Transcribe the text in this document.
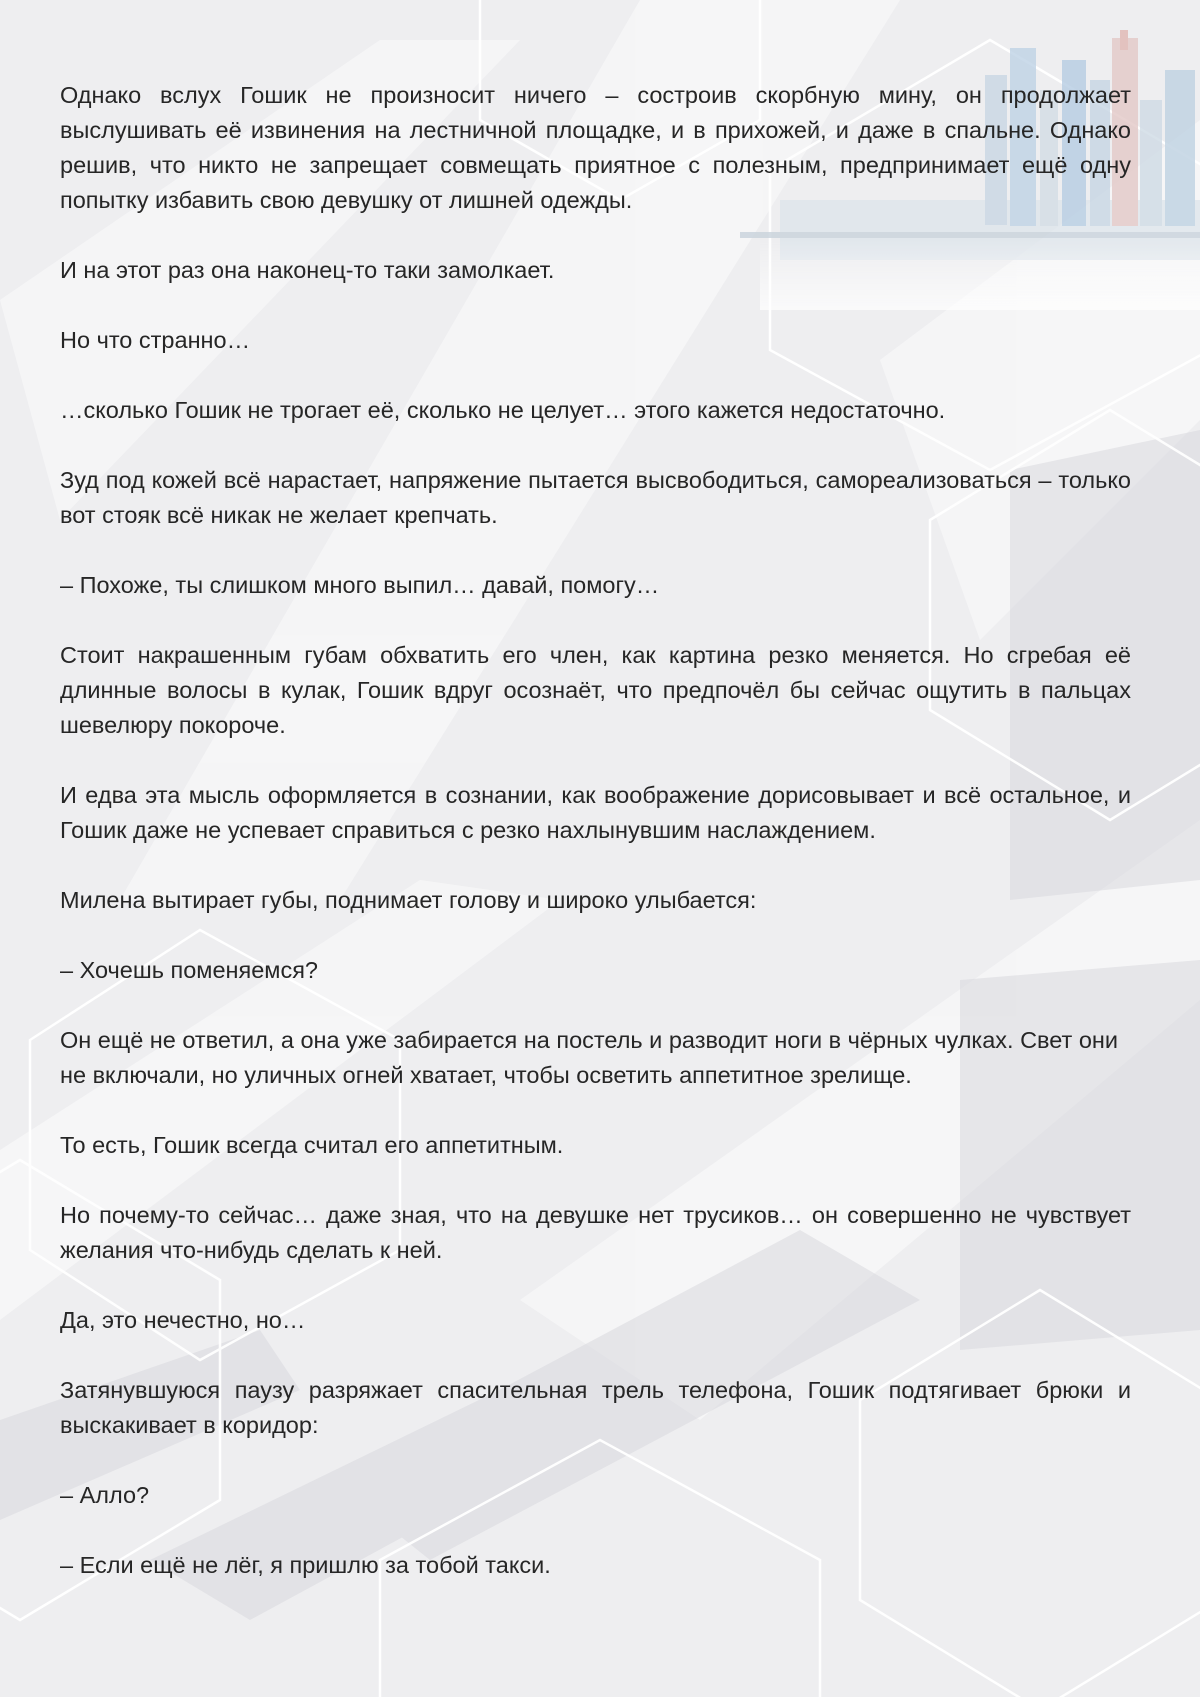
Однако вслух Гошик не произносит ничего – состроив скорбную мину, он продолжает выслушивать её извинения на лестничной площадке, и в прихожей, и даже в спальне. Однако решив, что никто не запрещает совмещать приятное с полезным, предпринимает ещё одну попытку избавить свою девушку от лишней одежды.

И на этот раз она наконец-то таки замолкает.

Но что странно…

…сколько Гошик не трогает её, сколько не целует… этого кажется недостаточно.

Зуд под кожей всё нарастает, напряжение пытается высвободиться, самореализоваться – только вот стояк всё никак не желает крепчать.

– Похоже, ты слишком много выпил… давай, помогу…

Стоит накрашенным губам обхватить его член, как картина резко меняется. Но сгребая её длинные волосы в кулак, Гошик вдруг осознаёт, что предпочёл бы сейчас ощутить в пальцах шевелюру покороче.

И едва эта мысль оформляется в сознании, как воображение дорисовывает и всё остальное, и Гошик даже не успевает справиться с резко нахлынувшим наслаждением.

Милена вытирает губы, поднимает голову и широко улыбается:

– Хочешь поменяемся?

Он ещё не ответил, а она уже забирается на постель и разводит ноги в чёрных чулках. Свет они не включали, но уличных огней хватает, чтобы осветить аппетитное зрелище.

То есть, Гошик всегда считал его аппетитным.

Но почему-то сейчас… даже зная, что на девушке нет трусиков… он совершенно не чувствует желания что-нибудь сделать к ней.

Да, это нечестно, но…

Затянувшуюся паузу разряжает спасительная трель телефона, Гошик подтягивает брюки и выскакивает в коридор:

– Алло?

– Если ещё не лёг, я пришлю за тобой такси.
